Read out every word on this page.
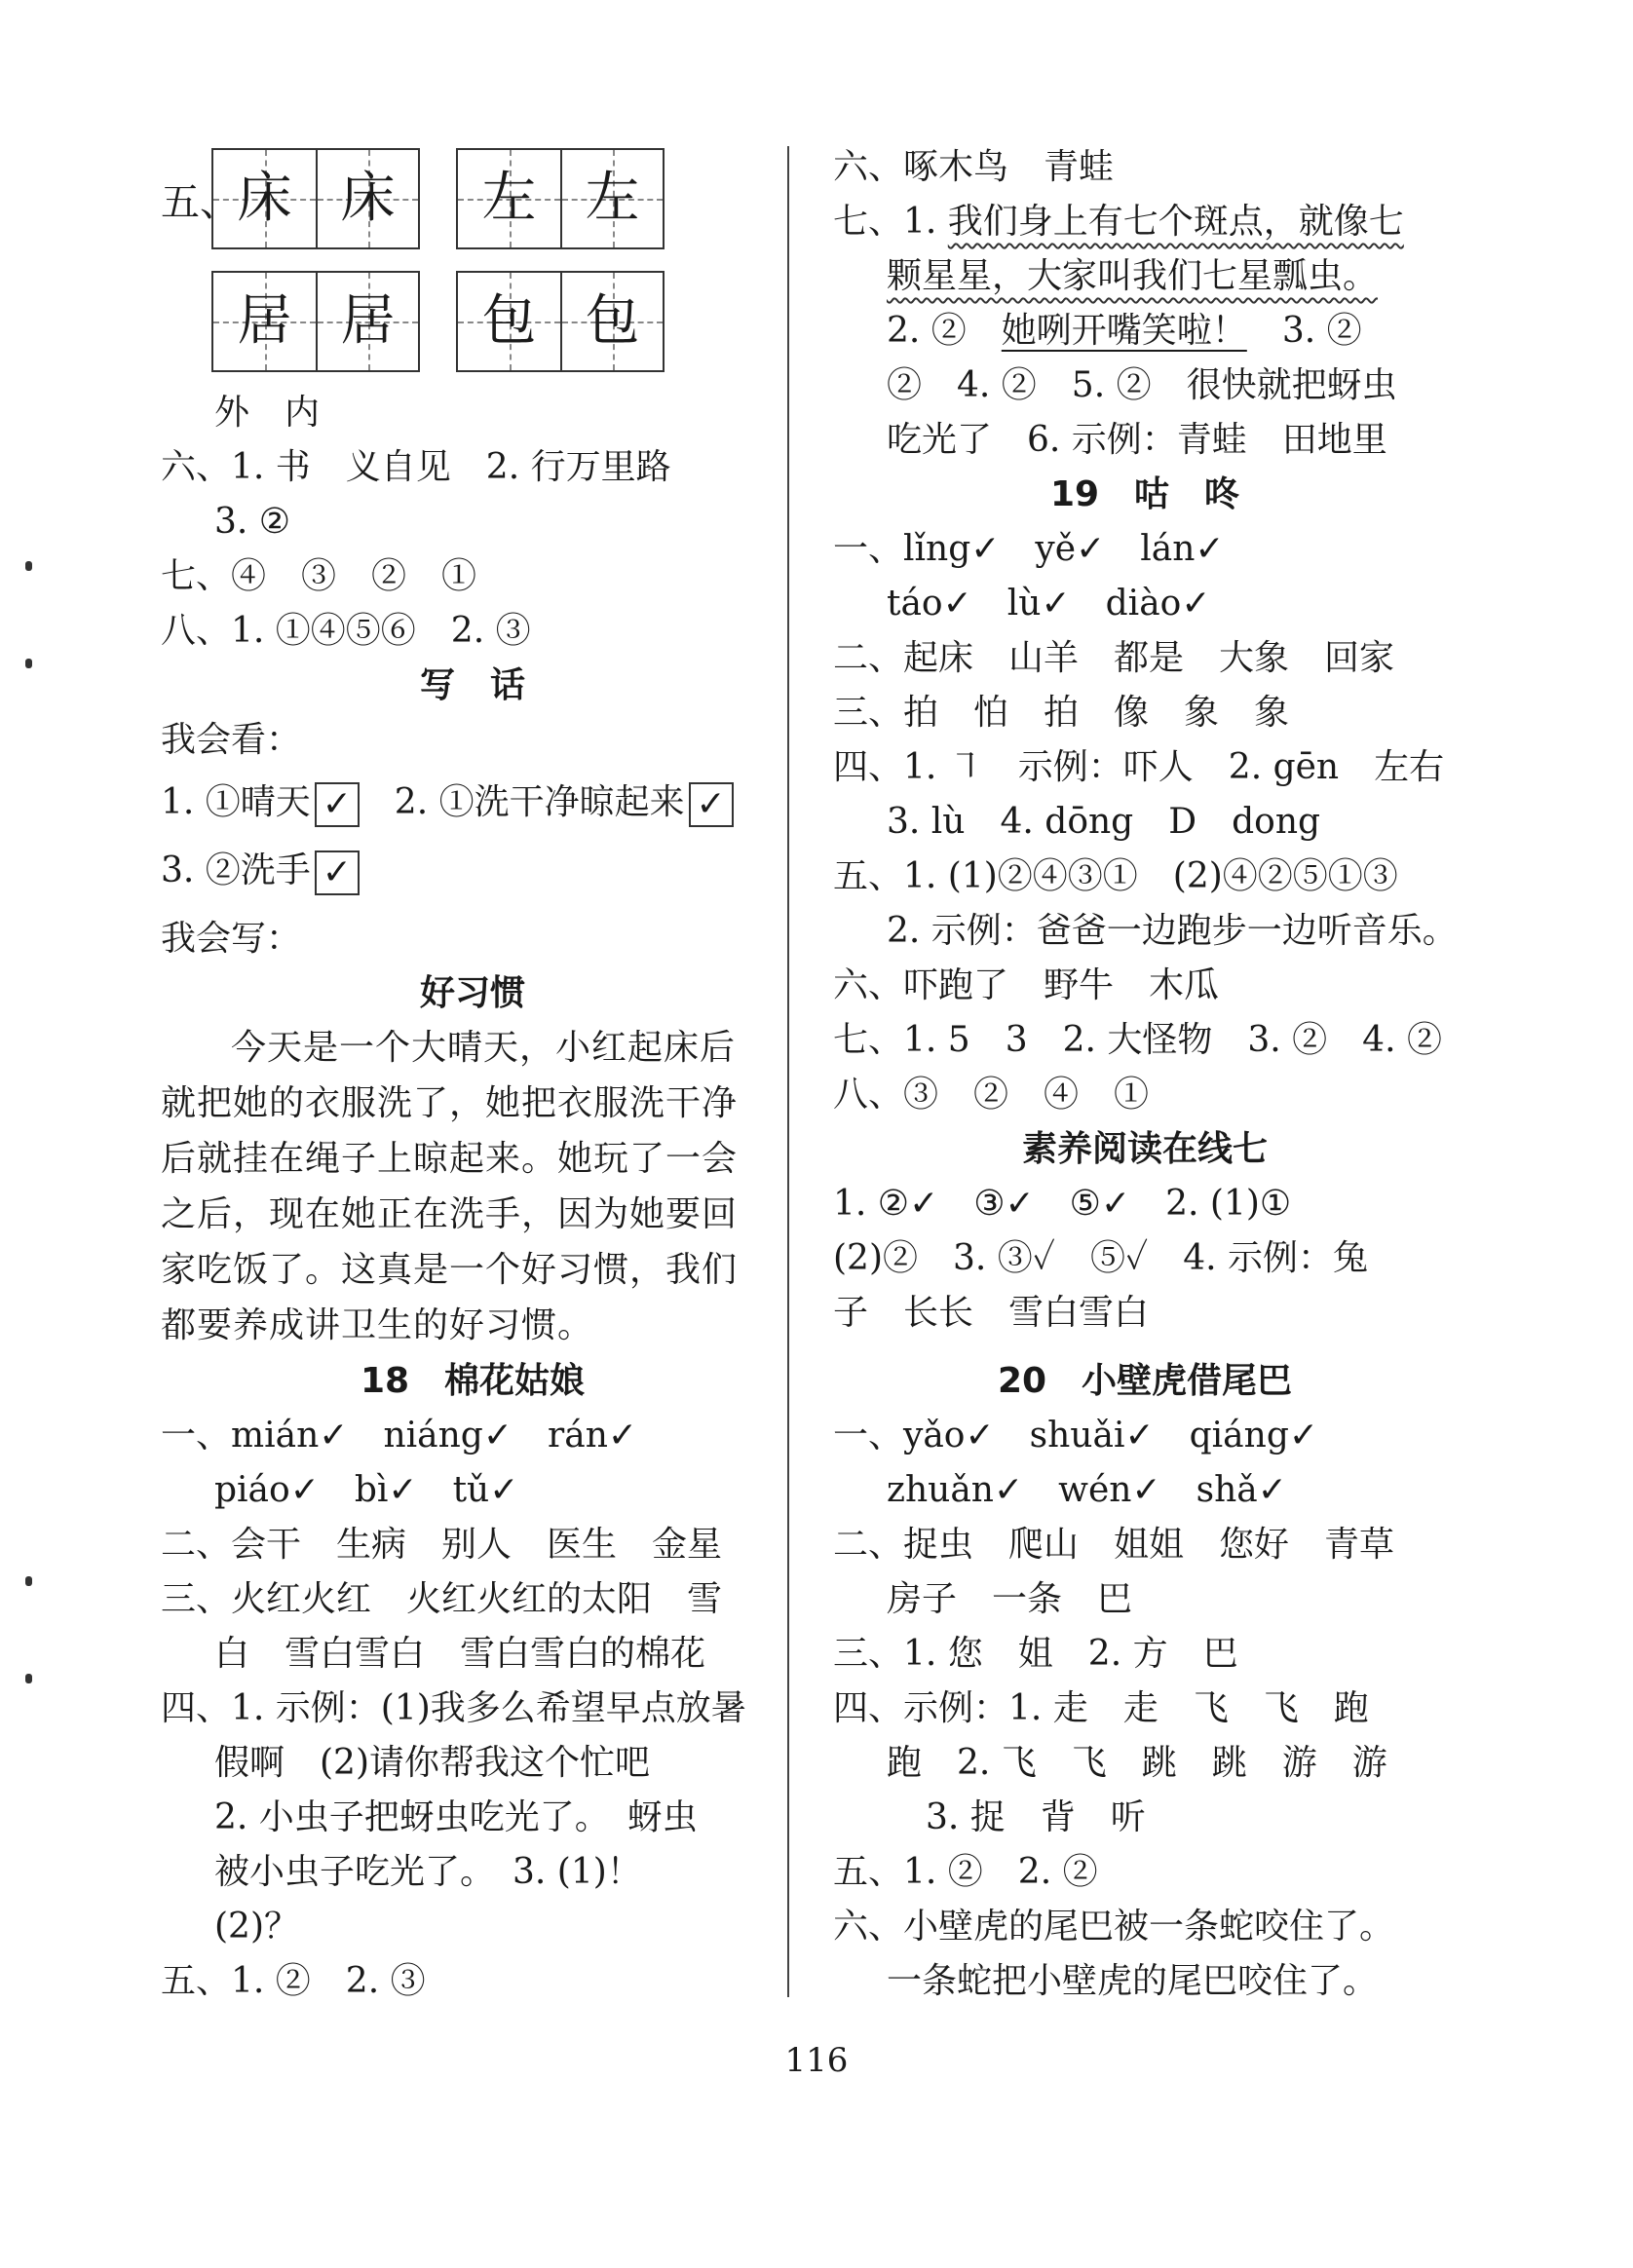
五、
床 床	左 左
居 居	包 包
外　内
六、1. 书　义自见　2. 行万里路
3. ②
七、④　③　②　①
八、1. ①④⑤⑥　2. ③
写　话
我会看：
1. ①晴天 ✓　2. ①洗干净晾起来 ✓
3. ②洗手 ✓
我会写：
好习惯
今天是一个大晴天，小红起床后就把她的衣服洗了，她把衣服洗干净后就挂在绳子上晾起来。她玩了一会之后，现在她正在洗手，因为她要回家吃饭了。这真是一个好习惯，我们都要养成讲卫生的好习惯。
18　棉花姑娘
一、mián✓　niáng✓　rán✓
piáo✓　bì✓　tǔ✓
二、会干　生病　别人　医生　金星
三、火红火红　火红火红的太阳　雪
白　雪白雪白　雪白雪白的棉花
四、1. 示例：(1)我多么希望早点放暑
假啊　(2)请你帮我这个忙吧
2. 小虫子把蚜虫吃光了。　蚜虫
被小虫子吃光了。　3. (1)！
(2)？
五、1. ②　2. ③
六、啄木鸟　青蛙
七、1. 我们身上有七个斑点，就像七
颗星星，大家叫我们七星瓢虫。
2. ②　她咧开嘴笑啦！　3. ②
②　4. ②　5. ②　很快就把蚜虫
吃光了　6. 示例：青蛙　田地里
19　咕　咚
一、lǐng✓　yě✓　lán✓
táo✓　lù✓　diào✓
二、起床　山羊　都是　大象　回家
三、拍　怕　拍　像　象　象
四、1. ㇕　示例：吓人　2. gēn　左右
3. lù　4. dōng　D　dong
五、1. (1)②④③①　(2)④②⑤①③
2. 示例：爸爸一边跑步一边听音乐。
六、吓跑了　野牛　木瓜
七、1. 5　3　2. 大怪物　3. ②　4. ②
八、③　②　④　①
素养阅读在线七
1. ②✓　③✓　⑤✓　2. (1)①
(2)②　3. ③✓　⑤✓　4. 示例：兔
子　长长　雪白雪白
20　小壁虎借尾巴
一、yǎo✓　shuǎi✓　qiáng✓
zhuǎn✓　wén✓　shǎ✓
二、捉虫　爬山　姐姐　您好　青草
房子　一条　巴
三、1. 您　姐　2. 方　巴
四、示例：1. 走　走　飞　飞　跑
跑　2. 飞　飞　跳　跳　游　游
3. 捉　背　听
五、1. ②　2. ②
六、小壁虎的尾巴被一条蛇咬住了。
一条蛇把小壁虎的尾巴咬住了。
116
